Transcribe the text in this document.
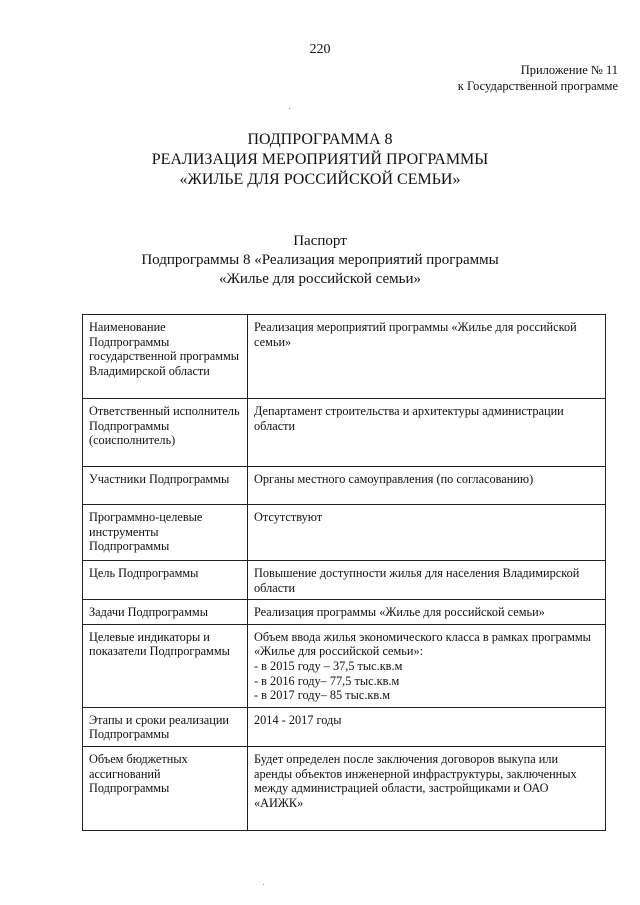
220
Приложение № 11
к Государственной программе
·
ПОДПРОГРАММА 8
РЕАЛИЗАЦИЯ МЕРОПРИЯТИЙ ПРОГРАММЫ
«ЖИЛЬЕ ДЛЯ РОССИЙСКОЙ СЕМЬИ»
Паспорт
Подпрограммы 8 «Реализация мероприятий программы
«Жилье для российской семьи»
Наименование Подпрограммы государственной программы Владимирской области	Реализация мероприятий программы «Жилье для российской семьи»

Ответственный исполнитель Подпрограммы (соисполнитель)	Департамент строительства и архитектуры администрации области

Участники Подпрограммы	Органы местного самоуправления (по согласованию)

Программно-целевые инструменты Подпрограммы	Отсутствуют

Цель Подпрограммы	Повышение доступности жилья для населения Владимирской области

Задачи Подпрограммы	Реализация программы «Жилье для российской семьи»

Целевые индикаторы и показатели Подпрограммы	Объем ввода жилья экономического класса в рамках программы «Жилье для российской семьи»:
- в 2015 году – 37,5 тыс.кв.м
- в 2016 году– 77,5 тыс.кв.м
- в 2017 году– 85 тыс.кв.м

Этапы и сроки реализации Подпрограммы	2014 - 2017 годы

Объем бюджетных ассигнований Подпрограммы	Будет определен после заключения договоров выкупа или аренды объектов инженерной инфраструктуры, заключенных между администрацией области, застройщиками и ОАО «АИЖК»
·
